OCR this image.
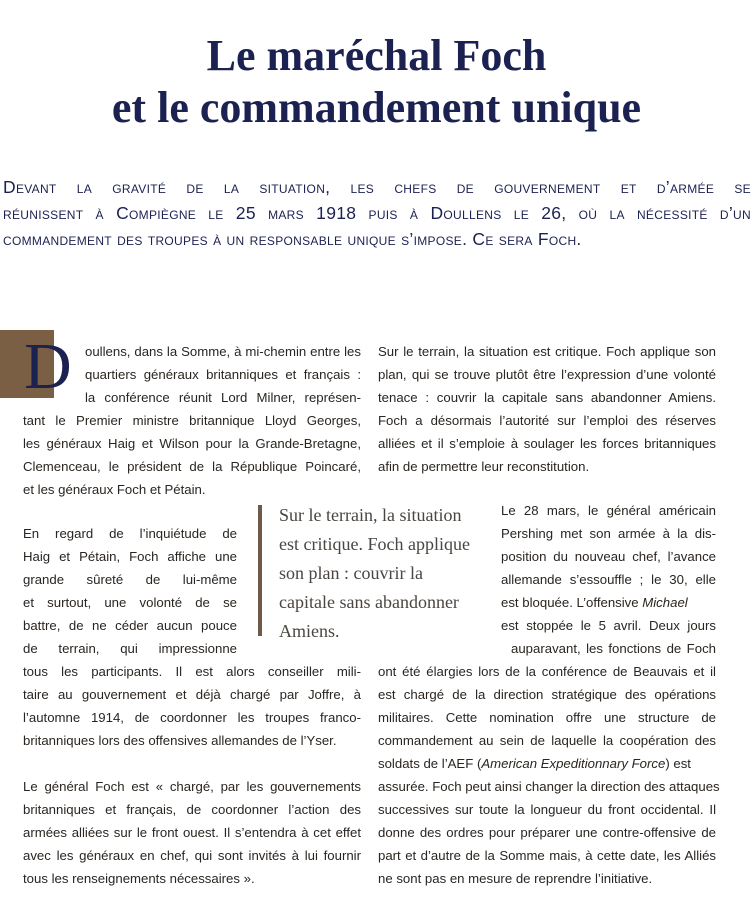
Le maréchal Foch
et le commandement unique
Devant la gravité de la situation, les chefs de gouvernement et d’armée se
réunissent à Compiègne le 25 mars 1918 puis à Doullens le 26, où la nécessité d’un
commandement des troupes à un responsable unique s’impose. Ce sera Foch.
D	oullens, dans la Somme, à mi-chemin entre les
quartiers généraux britanniques et français :
la conférence réunit Lord Milner, représen-
tant le Premier ministre britannique Lloyd Georges,
les généraux Haig et Wilson pour la Grande-Bretagne,
Clemenceau, le président de la République Poincaré,
et les généraux Foch et Pétain.
En regard de l’inquiétude de
Haig et Pétain, Foch affiche une
grande sûreté de lui-même
et surtout, une volonté de se
battre, de ne céder aucun pouce
de terrain, qui impressionne
tous les participants. Il est alors conseiller mili-
taire au gouvernement et déjà chargé par Joffre, à
l’automne 1914, de coordonner les troupes franco-
britanniques lors des offensives allemandes de l’Yser.
Le général Foch est « chargé, par les gouvernements
britanniques et français, de coordonner l’action des
armées alliées sur le front ouest. Il s’entendra à cet effet
avec les généraux en chef, qui sont invités à lui fournir
tous les renseignements nécessaires ».
Sur le terrain, la situation
est critique. Foch applique
son plan : couvrir la
capitale sans abandonner
Amiens.
Sur le terrain, la situation est critique. Foch applique son
plan, qui se trouve plutôt être l’expression d’une volonté
tenace : couvrir la capitale sans abandonner Amiens.
Foch a désormais l’autorité sur l’emploi des réserves
alliées et il s’emploie à soulager les forces britanniques
afin de permettre leur reconstitution.
Le 28 mars, le général américain
Pershing met son armée à la dis-
position du nouveau chef, l’avance
allemande s’essouffle ; le 30, elle
est bloquée. L’offensive Michael
est stoppée le 5 avril. Deux jours
auparavant, les fonctions de Foch
ont été élargies lors de la conférence de Beauvais et il
est chargé de la direction stratégique des opérations
militaires. Cette nomination offre une structure de
commandement au sein de laquelle la coopération des
soldats de l’AEF (American Expeditionnary Force) est
assurée. Foch peut ainsi changer la direction des attaques
successives sur toute la longueur du front occidental. Il
donne des ordres pour préparer une contre-offensive de
part et d’autre de la Somme mais, à cette date, les Alliés
ne sont pas en mesure de reprendre l’initiative.
